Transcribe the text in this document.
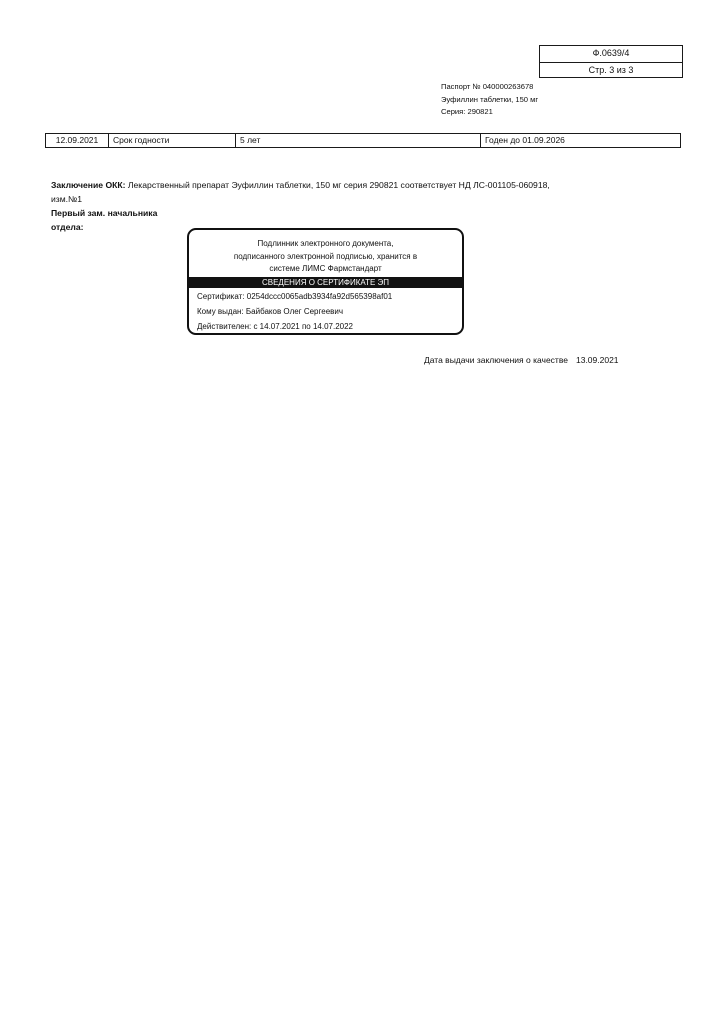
Ф.0639/4
Стр. 3 из 3
Паспорт № 040000263678
Эуфиллин таблетки, 150 мг
Серия: 290821
12.09.2021	Срок годности	5 лет	Годен до 01.09.2026
Заключение ОКК: Лекарственный препарат Эуфиллин таблетки, 150 мг серия 290821 соответствует НД ЛС-001105-060918,
изм.№1
Первый зам. начальника
отдела:
Подлинник электронного документа,
подписанного электронной подписью, хранится в
системе ЛИМС Фармстандарт
СВЕДЕНИЯ О СЕРТИФИКАТЕ ЭП
Сертификат: 0254dccc0065adb3934fa92d565398af01
Кому выдан: Байбаков Олег Сергеевич
Действителен: с 14.07.2021 по 14.07.2022
Дата выдачи заключения о качестве 13.09.2021
